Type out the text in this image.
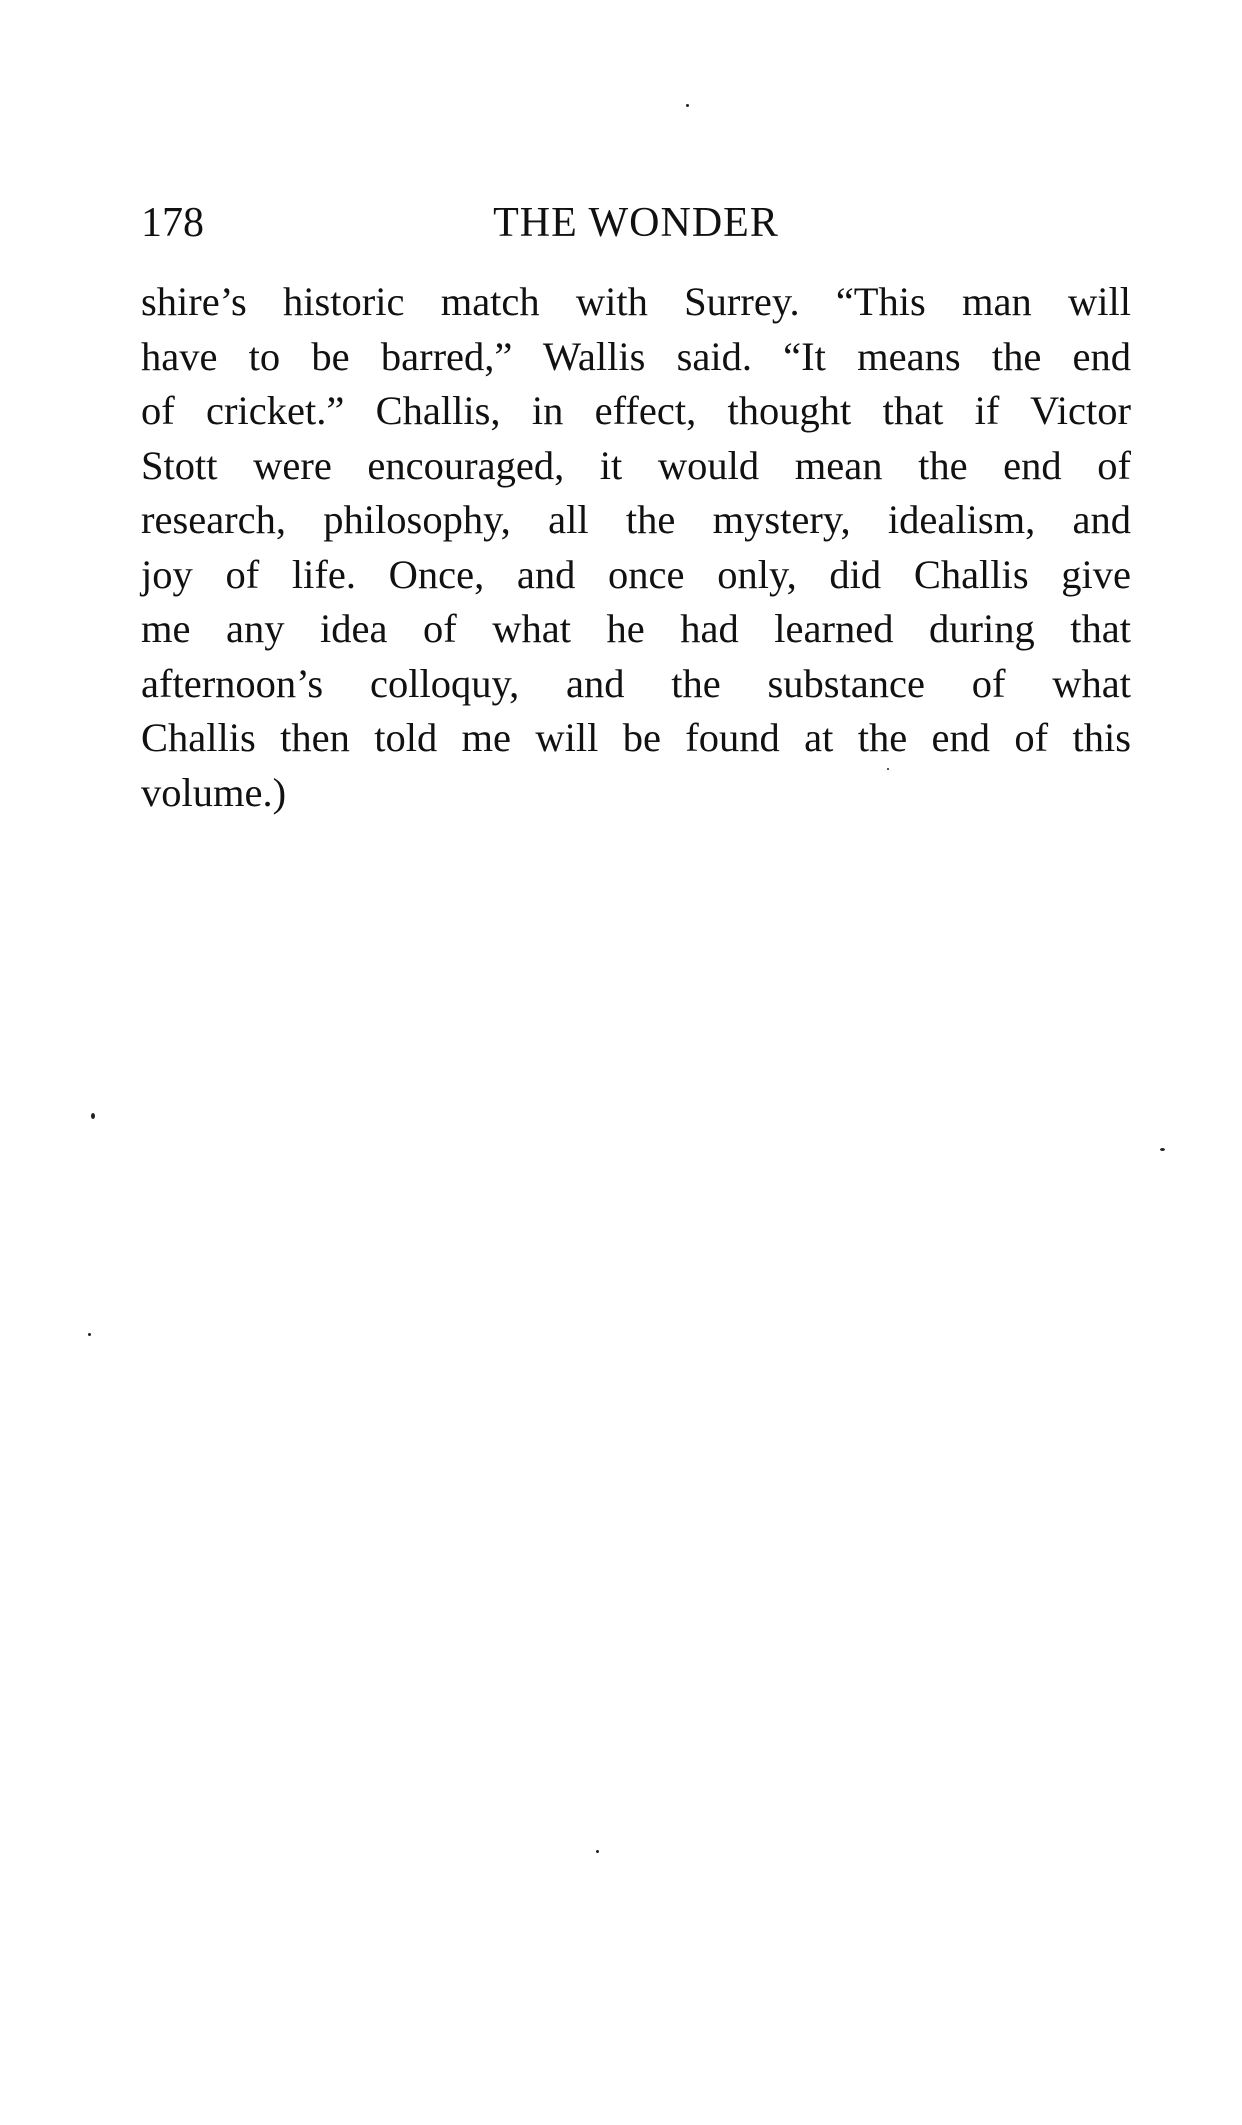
178	THE WONDER
shire’s historic match with Surrey. “This man will
have to be barred,” Wallis said. “It means the end
of cricket.” Challis, in effect, thought that if Victor
Stott were encouraged, it would mean the end of
research, philosophy, all the mystery, idealism, and
joy of life. Once, and once only, did Challis give
me any idea of what he had learned during that
afternoon’s colloquy, and the substance of what
Challis then told me will be found at the end of this
volume.)
